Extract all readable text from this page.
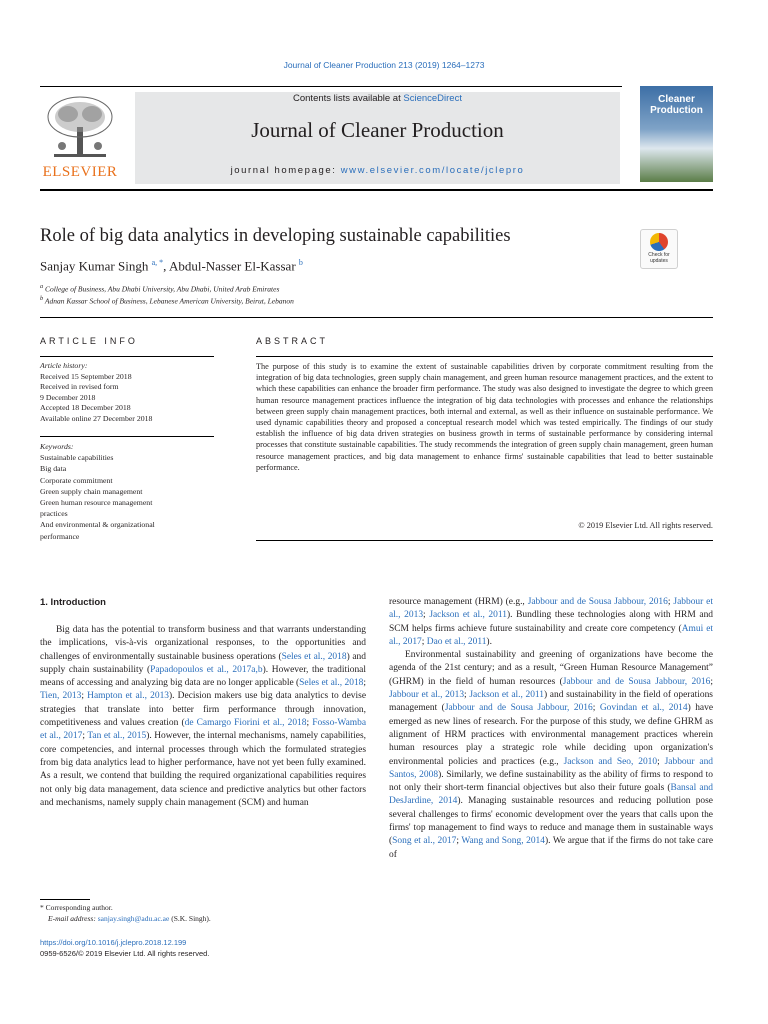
Journal of Cleaner Production 213 (2019) 1264–1273
ELSEVIER
Contents lists available at ScienceDirect
Journal of Cleaner Production
journal homepage: www.elsevier.com/locate/jclepro
Cleaner
Production
Role of big data analytics in developing sustainable capabilities
Check for updates
Sanjay Kumar Singh $^{a, *}$, Abdul-Nasser El-Kassar $^b$
$^a$ College of Business, Abu Dhabi University, Abu Dhabi, United Arab Emirates
$^b$ Adnan Kassar School of Business, Lebanese American University, Beirut, Lebanon
ARTICLE INFO
Article history:
Received 15 September 2018
Received in revised form
9 December 2018
Accepted 18 December 2018
Available online 27 December 2018
Keywords:
Sustainable capabilities
Big data
Corporate commitment
Green supply chain management
Green human resource management
practices
And environmental & organizational
performance
ABSTRACT
The purpose of this study is to examine the extent of sustainable capabilities driven by corporate commitment resulting from the integration of big data technologies, green supply chain management, and green human resource management practices, and the extent to which these capabilities can enhance the broader firm performance. The study was also designed to investigate the degree to which green human resource management practices influence the integration of big data technologies with processes and enhance the relationships between green supply chain management practices, both internal and external, as well as their influence on sustainable performance. We used dynamic capabilities theory and proposed a conceptual research model which was tested empirically. The findings of our study establish the influence of big data driven strategies on business growth in terms of sustainable performance by considering internal processes that constitute sustainable capabilities. The study recommends the integration of green supply chain management, green human resource management practices, and big data management to enhance firms' sustainable capabilities that lead to better sustainable performance.
© 2019 Elsevier Ltd. All rights reserved.
1. Introduction

Big data has the potential to transform business and that warrants understanding the implications, vis-à-vis organizational responses, to the opportunities and challenges of environmentally sustainable business operations (Seles et al., 2018) and supply chain sustainability (Papadopoulos et al., 2017a,b). However, the traditional means of accessing and analyzing big data are no longer applicable (Seles et al., 2018; Tien, 2013; Hampton et al., 2013). Decision makers use big data analytics to devise strategies that translate into better firm performance through innovation, competitiveness and values creation (de Camargo Fiorini et al., 2018; Fosso-Wamba et al., 2017; Tan et al., 2015). However, the internal mechanisms, namely capabilities, core competencies, and internal processes through which the formulated strategies from big data analytics lead to higher performance, have not yet been fully examined. As a result, we contend that building the required organizational capabilities requires not only big data management, data science and predictive analytics but other factors and mechanisms, namely supply chain management (SCM) and human

resource management (HRM) (e.g., Jabbour and de Sousa Jabbour, 2016; Jabbour et al., 2013; Jackson et al., 2011). Bundling these technologies along with HRM and SCM helps firms achieve future sustainability and create core competency (Amui et al., 2017; Dao et al., 2011).

Environmental sustainability and greening of organizations have become the agenda of the 21st century; and as a result, “Green Human Resource Management” (GHRM) in the field of human resources (Jabbour and de Sousa Jabbour, 2016; Jabbour et al., 2013; Jackson et al., 2011) and sustainability in the field of operations management (Jabbour and de Sousa Jabbour, 2016; Govindan et al., 2014) have emerged as new lines of research. For the purpose of this study, we define GHRM as alignment of HRM practices with environmental management practices wherein human resources play a strategic role while deciding upon organization's environmental policies and practices (e.g., Jackson and Seo, 2010; Jabbour and Santos, 2008). Similarly, we define sustainability as the ability of firms to respond to not only their short-term financial objectives but also their future goals (Bansal and DesJardine, 2014). Managing sustainable resources and reducing pollution pose several challenges to firms' economic development over the years that calls upon the firms' top management to find ways to reduce and manage them in sustainable ways (Song et al., 2017; Wang and Song, 2014). We argue that if the firms do not take care of

* Corresponding author.
E-mail address: sanjay.singh@adu.ac.ae (S.K. Singh).
https://doi.org/10.1016/j.jclepro.2018.12.199
0959-6526/© 2019 Elsevier Ltd. All rights reserved.
